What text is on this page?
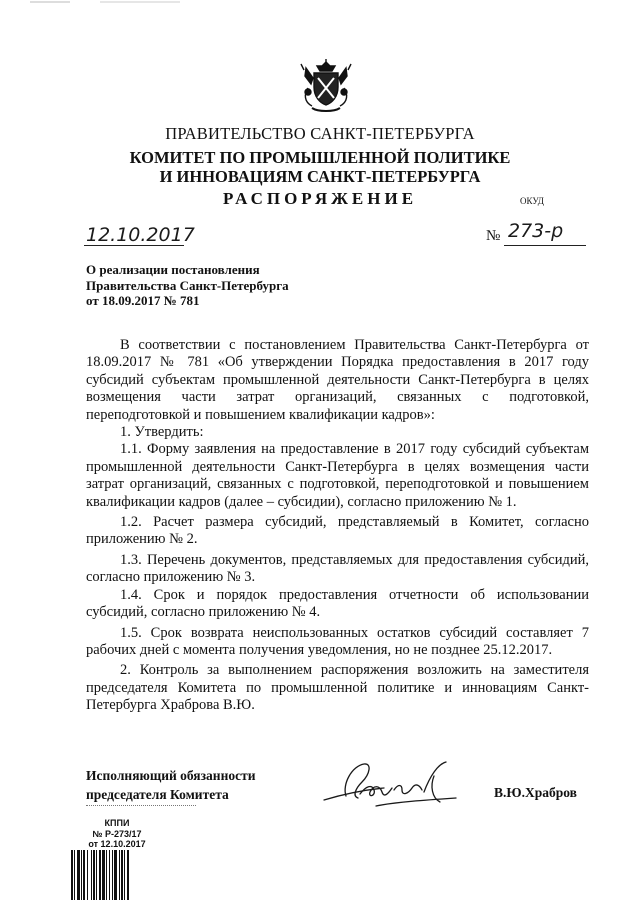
ПРАВИТЕЛЬСТВО САНКТ-ПЕТЕРБУРГА
КОМИТЕТ ПО ПРОМЫШЛЕННОЙ ПОЛИТИКЕ
И ИННОВАЦИЯМ САНКТ-ПЕТЕРБУРГА
РАСПОРЯЖЕНИЕ	ОКУД
12.10.2017	№ 273-р
О реализации постановления
Правительства Санкт-Петербурга
от 18.09.2017 № 781

В соответствии с постановлением Правительства Санкт-Петербурга от 18.09.2017 № 781 «Об утверждении Порядка предоставления в 2017 году субсидий субъектам промышленной деятельности Санкт-Петербурга в целях возмещения части затрат организаций, связанных с подготовкой, переподготовкой и повышением квалификации кадров»:

1. Утвердить:

1.1. Форму заявления на предоставление в 2017 году субсидий субъектам промышленной деятельности Санкт-Петербурга в целях возмещения части затрат организаций, связанных с подготовкой, переподготовкой и повышением квалификации кадров (далее – субсидии), согласно приложению № 1.

1.2. Расчет размера субсидий, представляемый в Комитет, согласно приложению № 2.

1.3. Перечень документов, представляемых для предоставления субсидий, согласно приложению № 3.

1.4. Срок и порядок предоставления отчетности об использовании субсидий, согласно приложению № 4.

1.5. Срок возврата неиспользованных остатков субсидий составляет 7 рабочих дней с момента получения уведомления, но не позднее 25.12.2017.

2. Контроль за выполнением распоряжения возложить на заместителя председателя Комитета по промышленной политике и инновациям Санкт-Петербурга Храброва В.Ю.

Исполняющий обязанности
председателя Комитета	В.Ю.Храбров
КППИ
№ Р-273/17
от 12.10.2017
